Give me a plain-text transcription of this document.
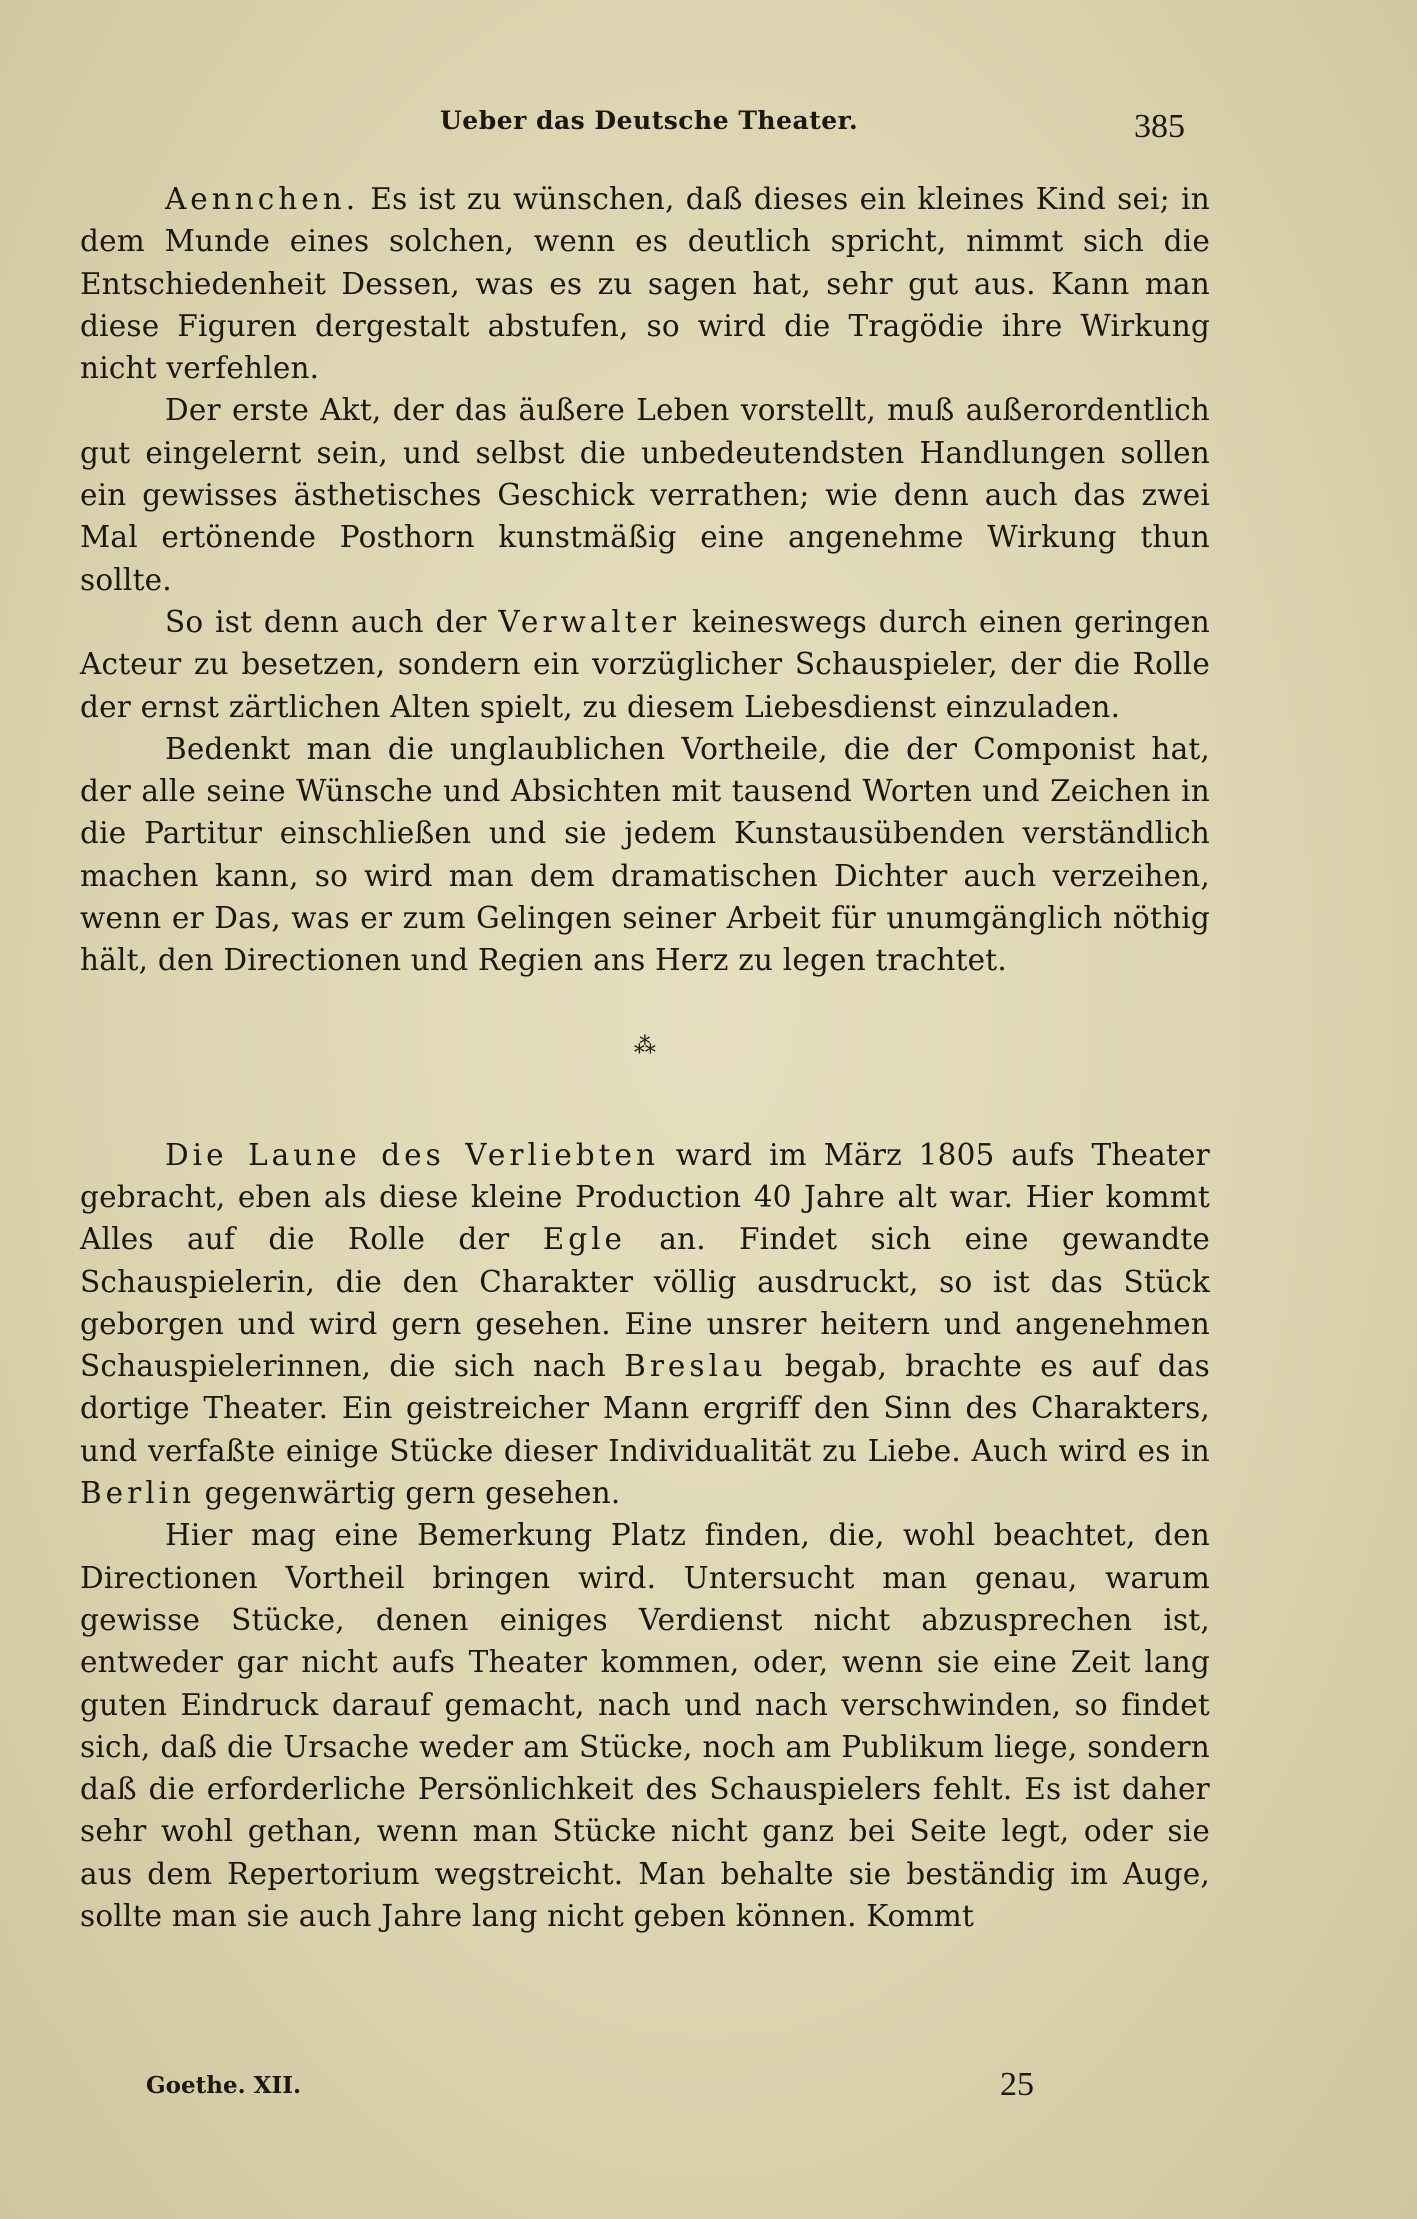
Ueber das Deutsche Theater.	385

Aennchen. Es ist zu wünschen, daß dieses ein kleines Kind sei; in dem Munde eines solchen, wenn es deutlich spricht, nimmt sich die Entschiedenheit Dessen, was es zu sagen hat, sehr gut aus. Kann man diese Figuren dergestalt abstufen, so wird die Tragödie ihre Wirkung nicht verfehlen.

Der erste Akt, der das äußere Leben vorstellt, muß außerordentlich gut eingelernt sein, und selbst die unbedeutendsten Handlungen sollen ein gewisses ästhetisches Geschick verrathen; wie denn auch das zwei Mal ertönende Posthorn kunstmäßig eine angenehme Wirkung thun sollte.

So ist denn auch der Verwalter keineswegs durch einen geringen Acteur zu besetzen, sondern ein vorzüglicher Schauspieler, der die Rolle der ernst zärtlichen Alten spielt, zu diesem Liebesdienst einzuladen.

Bedenkt man die unglaublichen Vortheile, die der Componist hat, der alle seine Wünsche und Absichten mit tausend Worten und Zeichen in die Partitur einschließen und sie jedem Kunstausübenden verständlich machen kann, so wird man dem dramatischen Dichter auch verzeihen, wenn er Das, was er zum Gelingen seiner Arbeit für unumgänglich nöthig hält, den Directionen und Regien ans Herz zu legen trachtet.

⁂

Die Laune des Verliebten ward im März 1805 aufs Theater gebracht, eben als diese kleine Production 40 Jahre alt war. Hier kommt Alles auf die Rolle der Egle an. Findet sich eine gewandte Schauspielerin, die den Charakter völlig ausdruckt, so ist das Stück geborgen und wird gern gesehen. Eine unsrer heitern und angenehmen Schauspielerinnen, die sich nach Breslau begab, brachte es auf das dortige Theater. Ein geistreicher Mann ergriff den Sinn des Charakters, und verfaßte einige Stücke dieser Individualität zu Liebe. Auch wird es in Berlin gegenwärtig gern gesehen.

Hier mag eine Bemerkung Platz finden, die, wohl beachtet, den Directionen Vortheil bringen wird. Untersucht man genau, warum gewisse Stücke, denen einiges Verdienst nicht abzusprechen ist, entweder gar nicht aufs Theater kommen, oder, wenn sie eine Zeit lang guten Eindruck darauf gemacht, nach und nach verschwinden, so findet sich, daß die Ursache weder am Stücke, noch am Publikum liege, sondern daß die erforderliche Persönlichkeit des Schauspielers fehlt. Es ist daher sehr wohl gethan, wenn man Stücke nicht ganz bei Seite legt, oder sie aus dem Repertorium wegstreicht. Man behalte sie beständig im Auge, sollte man sie auch Jahre lang nicht geben können. Kommt

Goethe. XII.	25
